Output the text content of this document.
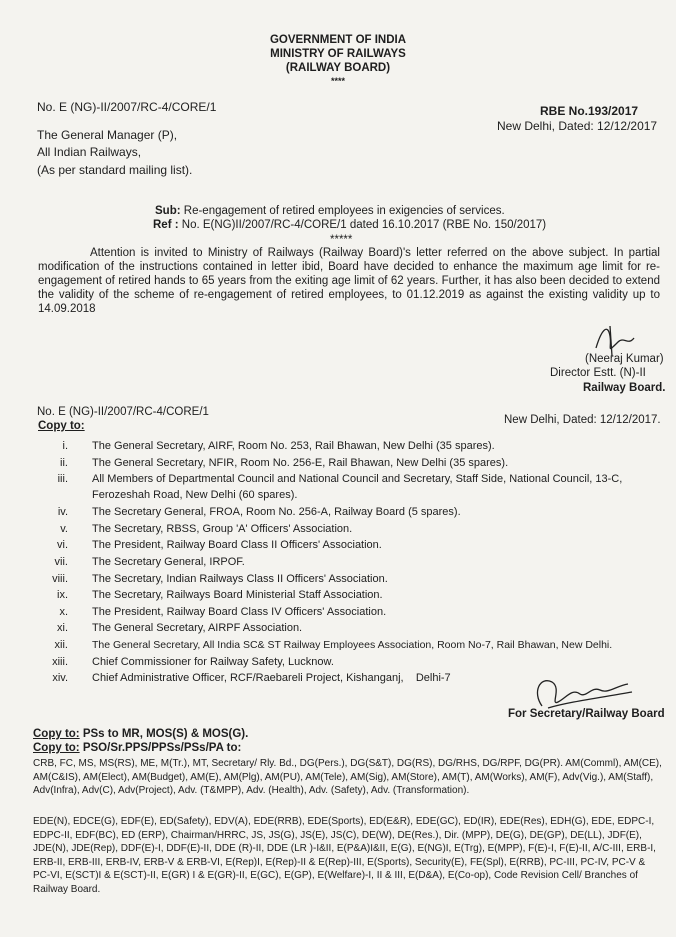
GOVERNMENT OF INDIA
MINISTRY OF RAILWAYS
(RAILWAY BOARD)
****
No. E (NG)-II/2007/RC-4/CORE/1	RBE No.193/2017
New Delhi, Dated: 12/12/2017
The General Manager (P),
All Indian Railways,
(As per standard mailing list).
Sub: Re-engagement of retired employees in exigencies of services.
Ref : No. E(NG)II/2007/RC-4/CORE/1 dated 16.10.2017 (RBE No. 150/2017)
*****
Attention is invited to Ministry of Railways (Railway Board)'s letter referred on the above subject. In partial modification of the instructions contained in letter ibid, Board have decided to enhance the maximum age limit for re-engagement of retired hands to 65 years from the exiting age limit of 62 years. Further, it has also been decided to extend the validity of the scheme of re-engagement of retired employees, to 01.12.2019 as against the existing validity up to 14.09.2018
(Neeraj Kumar)
Director Estt. (N)-II
Railway Board.
No. E (NG)-II/2007/RC-4/CORE/1
New Delhi, Dated: 12/12/2017.
Copy to:
i. The General Secretary, AIRF, Room No. 253, Rail Bhawan, New Delhi (35 spares).
ii. The General Secretary, NFIR, Room No. 256-E, Rail Bhawan, New Delhi (35 spares).
iii. All Members of Departmental Council and National Council and Secretary, Staff Side, National Council, 13-C, Ferozeshah Road, New Delhi (60 spares).
iv. The Secretary General, FROA, Room No. 256-A, Railway Board (5 spares).
v. The Secretary, RBSS, Group 'A' Officers' Association.
vi. The President, Railway Board Class II Officers' Association.
vii. The Secretary General, IRPOF.
viii. The Secretary, Indian Railways Class II Officers' Association.
ix. The Secretary, Railways Board Ministerial Staff Association.
x. The President, Railway Board Class IV Officers' Association.
xi. The General Secretary, AIRPF Association.
xii. The General Secretary, All India SC& ST Railway Employees Association, Room No-7, Rail Bhawan, New Delhi.
xiii. Chief Commissioner for Railway Safety, Lucknow.
xiv. Chief Administrative Officer, RCF/Raebareli Project, Kishanganj,    Delhi-7
For Secretary/Railway Board
Copy to: PSs to MR, MOS(S) & MOS(G).
Copy to: PSO/Sr.PPS/PPSs/PSs/PA to:
CRB, FC, MS, MS(RS), ME, M(Tr.), MT, Secretary/ Rly. Bd., DG(Pers.), DG(S&T), DG(RS), DG/RHS, DG/RPF, DG(PR). AM(Comml), AM(CE), AM(C&IS), AM(Elect), AM(Budget), AM(E), AM(Plg), AM(PU), AM(Tele), AM(Sig), AM(Store), AM(T), AM(Works), AM(F), Adv(Vig.), AM(Staff), Adv(Infra), Adv(C), Adv(Project), Adv. (T&MPP), Adv. (Health), Adv. (Safety), Adv. (Transformation).
EDE(N), EDCE(G), EDF(E), ED(Safety), EDV(A), EDE(RRB), EDE(Sports), ED(E&R), EDE(GC), ED(IR), EDE(Res), EDH(G), EDE, EDPC-I, EDPC-II, EDF(BC), ED (ERP), Chairman/HRRC, JS, JS(G), JS(E), JS(C), DE(W), DE(Res.), Dir. (MPP), DE(G), DE(GP), DE(LL), JDF(E), JDE(N), JDE(Rep), DDF(E)-I, DDF(E)-II, DDE (R)-II, DDE (LR )-I&II, E(P&A)I&II, E(G), E(NG)I, E(Trg), E(MPP), F(E)-I, F(E)-II, A/C-III, ERB-I, ERB-II, ERB-III, ERB-IV, ERB-V & ERB-VI, E(Rep)I, E(Rep)-II & E(Rep)-III, E(Sports), Security(E), FE(Spl), E(RRB), PC-III, PC-IV, PC-V & PC-VI, E(SCT)I & E(SCT)-II, E(GR) I & E(GR)-II, E(GC), E(GP), E(Welfare)-I, II & III, E(D&A), E(Co-op), Code Revision Cell/ Branches of Railway Board.
